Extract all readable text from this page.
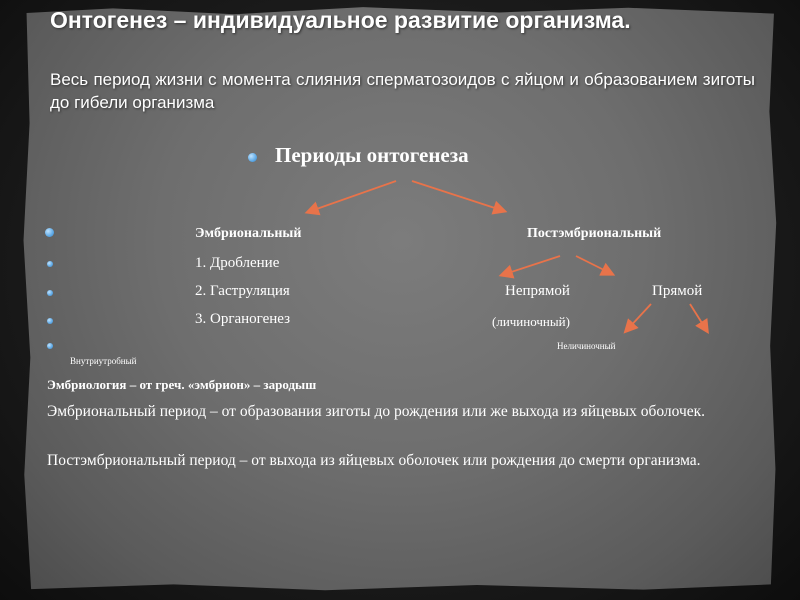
Онтогенез – индивидуальное развитие организма.
Весь период жизни с момента слияния сперматозоидов с яйцом и образованием зиготы до гибели организма
Периоды онтогенеза
Эмбриональный	Постэмбриональный
1. Дробление
2. Гаструляция	Непрямой	Прямой
3. Органогенез	(личиночный)
Неличиночный
Внутриутробный
Эмбриология – от греч. «эмбрион» – зародыш
Эмбриональный период – от образования зиготы до рождения или же выхода из яйцевых оболочек.
Постэмбриональный период – от выхода из яйцевых оболочек или рождения до смерти организма.
